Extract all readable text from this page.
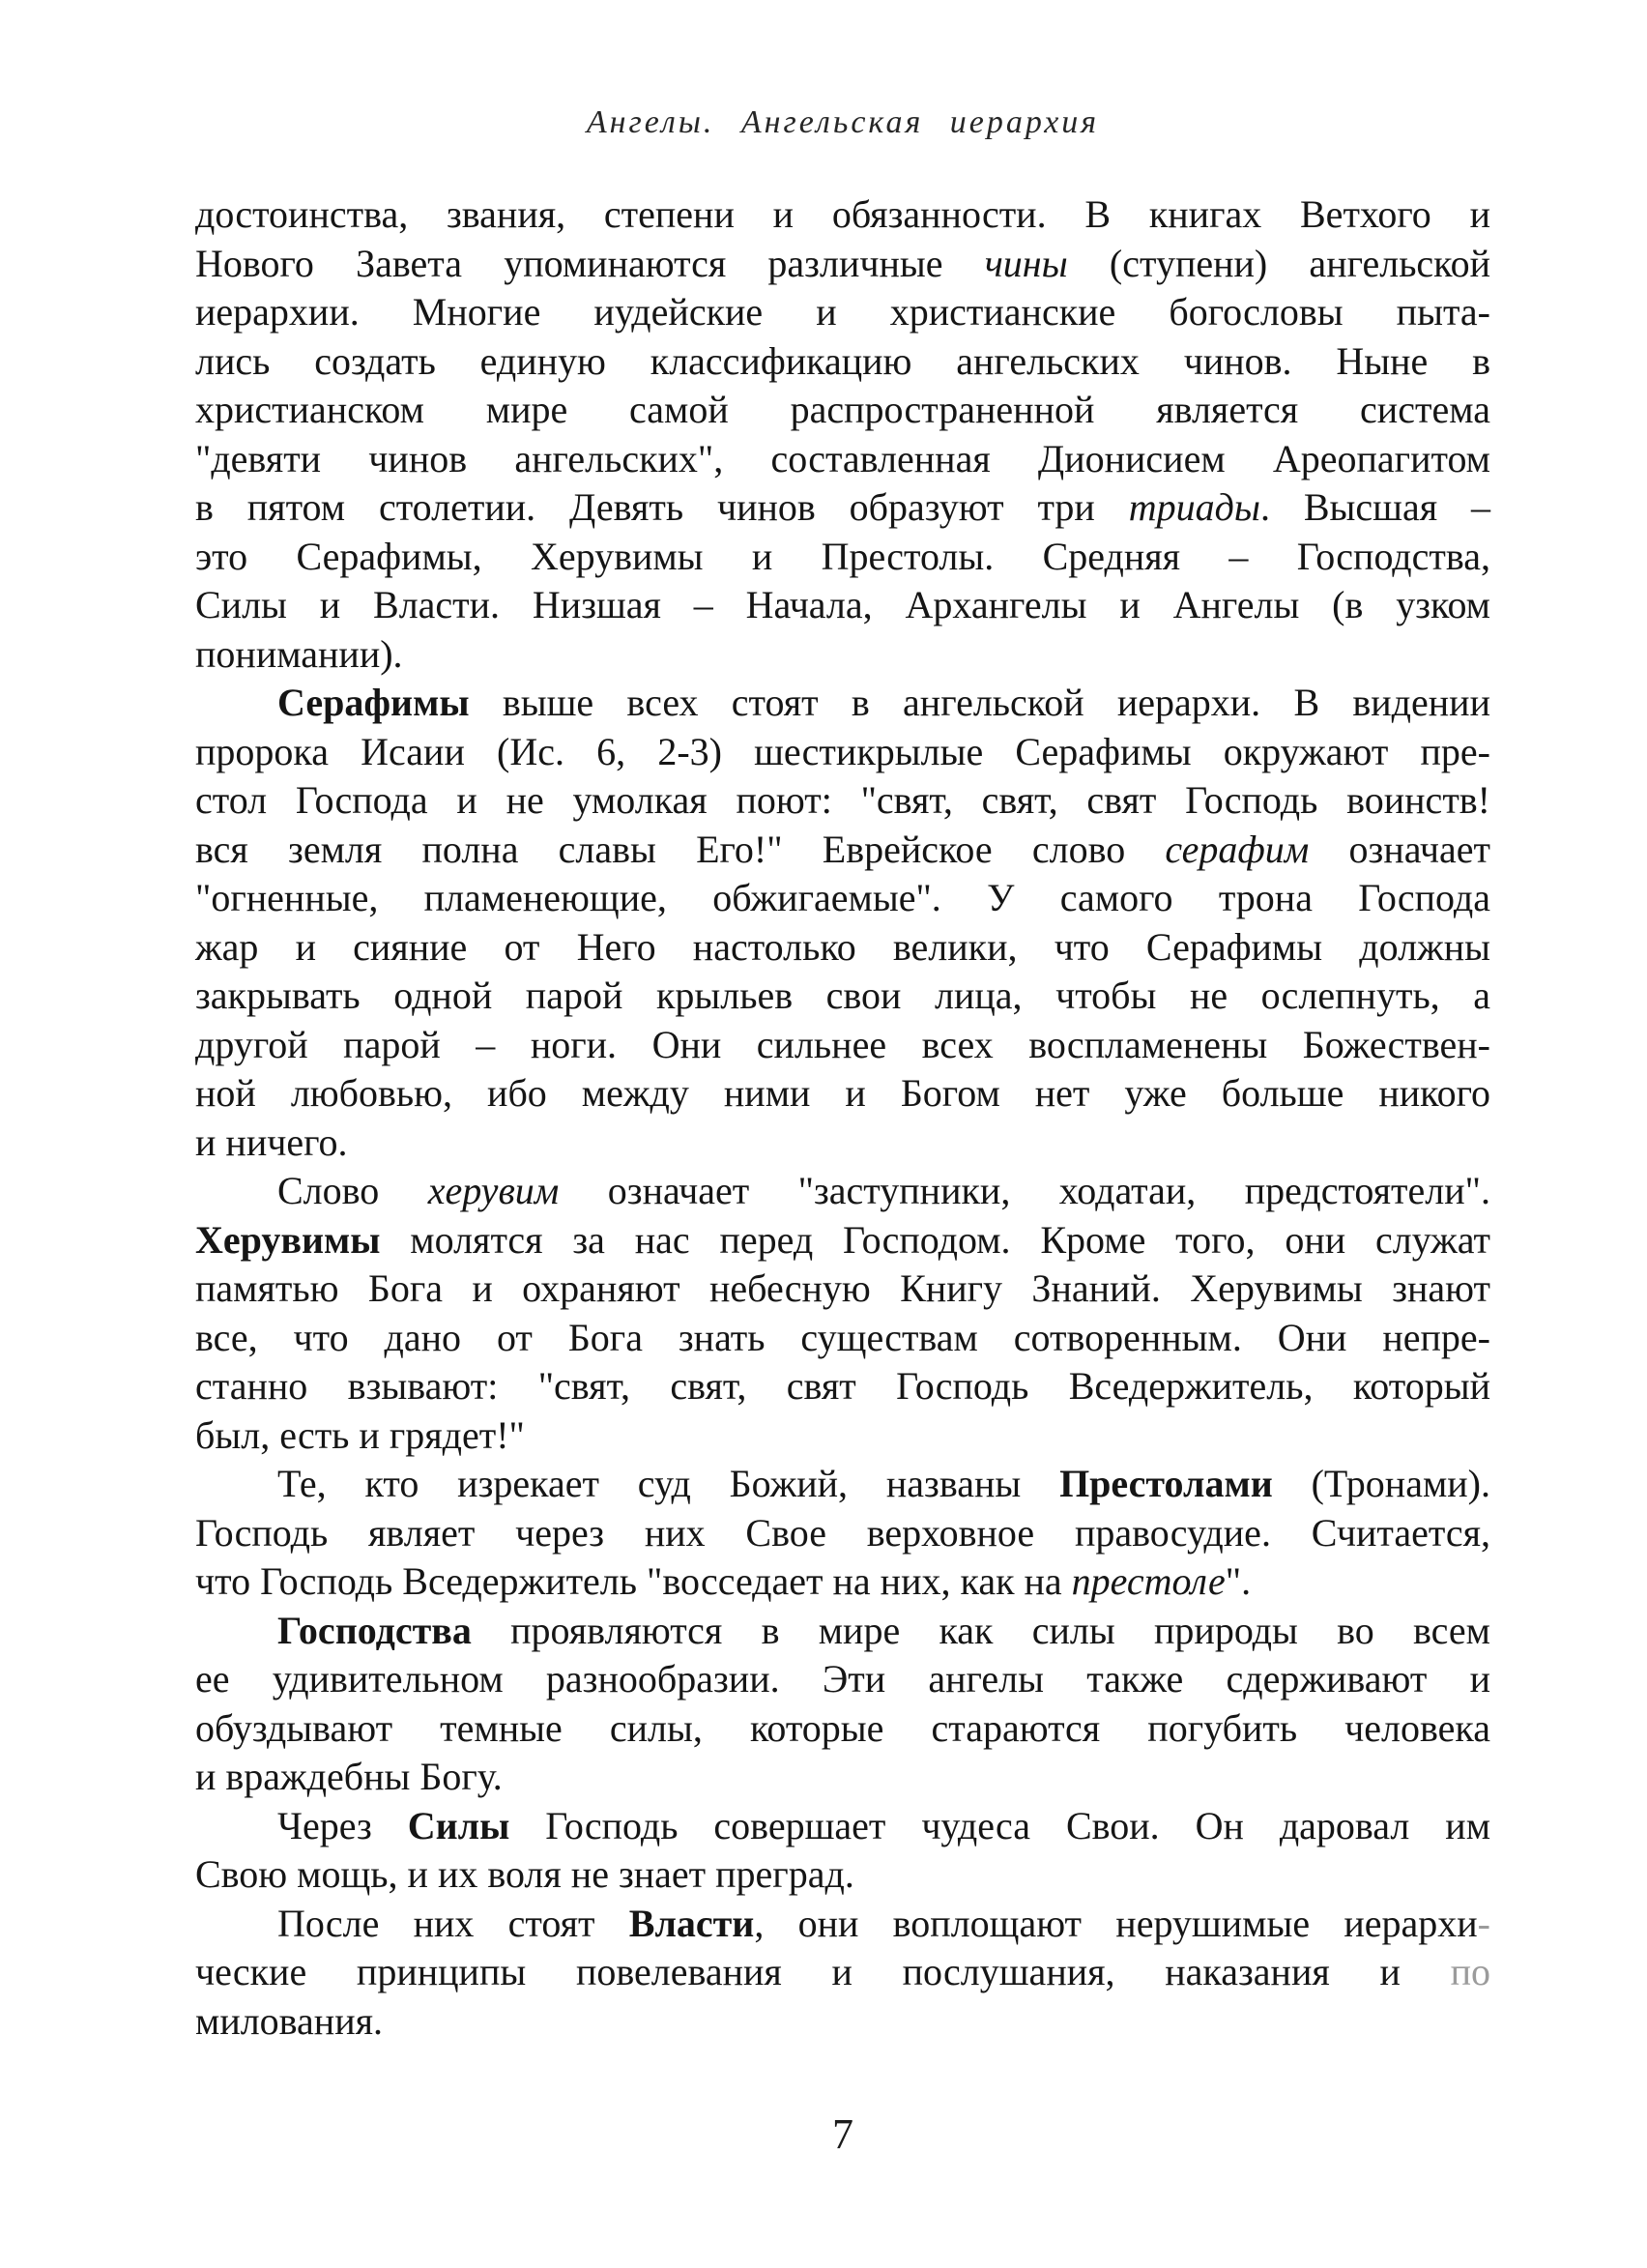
Ангелы. Ангельская иерархия
достоинства, звания, степени и обязанности. В книгах Ветхого и
Нового Завета упоминаются различные чины (ступени) ангельской
иерархии. Многие иудейские и христианские богословы пыта-
лись создать единую классификацию ангельских чинов. Ныне в
христианском мире самой распространенной является система
"девяти чинов ангельских", составленная Дионисием Ареопагитом
в пятом столетии. Девять чинов образуют три триады. Высшая –
это Серафимы, Херувимы и Престолы. Средняя – Господства,
Силы и Власти. Низшая – Начала, Архангелы и Ангелы (в узком
понимании).
Серафимы выше всех стоят в ангельской иерархи. В видении
пророка Исаии (Ис. 6, 2-3) шестикрылые Серафимы окружают пре-
стол Господа и не умолкая поют: "свят, свят, свят Господь воинств!
вся земля полна славы Его!" Еврейское слово серафим означает
"огненные, пламенеющие, обжигаемые". У самого трона Господа
жар и сияние от Него настолько велики, что Серафимы должны
закрывать одной парой крыльев свои лица, чтобы не ослепнуть, а
другой парой – ноги. Они сильнее всех воспламенены Божествен-
ной любовью, ибо между ними и Богом нет уже больше никого
и ничего.
Слово херувим означает "заступники, ходатаи, предстоятели".
Херувимы молятся за нас перед Господом. Кроме того, они служат
памятью Бога и охраняют небесную Книгу Знаний. Херувимы знают
все, что дано от Бога знать существам сотворенным. Они непре-
станно взывают: "свят, свят, свят Господь Вседержитель, который
был, есть и грядет!"
Те, кто изрекает суд Божий, названы Престолами (Тронами).
Господь являет через них Свое верховное правосудие. Считается,
что Господь Вседержитель "восседает на них, как на престоле".
Господства проявляются в мире как силы природы во всем
ее удивительном разнообразии. Эти ангелы также сдерживают и
обуздывают темные силы, которые стараются погубить человека
и враждебны Богу.
Через Силы Господь совершает чудеса Свои. Он даровал им
Свою мощь, и их воля не знает преград.
После них стоят Власти, они воплощают нерушимые иерархи-
ческие принципы повелевания и послушания, наказания и по
милования.
7
